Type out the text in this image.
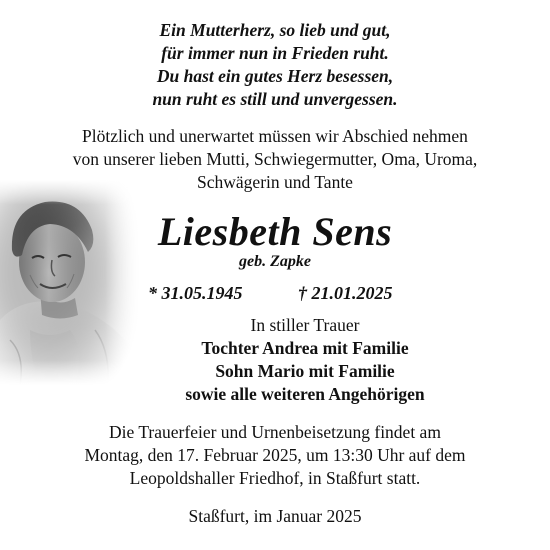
Ein Mutterherz, so lieb und gut,
für immer nun in Frieden ruht.
Du hast ein gutes Herz besessen,
nun ruht es still und unvergessen.
Plötzlich und unerwartet müssen wir Abschied nehmen
von unserer lieben Mutti, Schwiegermutter, Oma, Uroma,
Schwägerin und Tante
Liesbeth Sens
geb. Zapke
* 31.05.1945	† 21.01.2025
In stiller Trauer
Tochter Andrea mit Familie
Sohn Mario mit Familie
sowie alle weiteren Angehörigen
Die Trauerfeier und Urnenbeisetzung findet am
Montag, den 17. Februar 2025, um 13:30 Uhr auf dem
Leopoldshaller Friedhof, in Staßfurt statt.
Staßfurt, im Januar 2025
